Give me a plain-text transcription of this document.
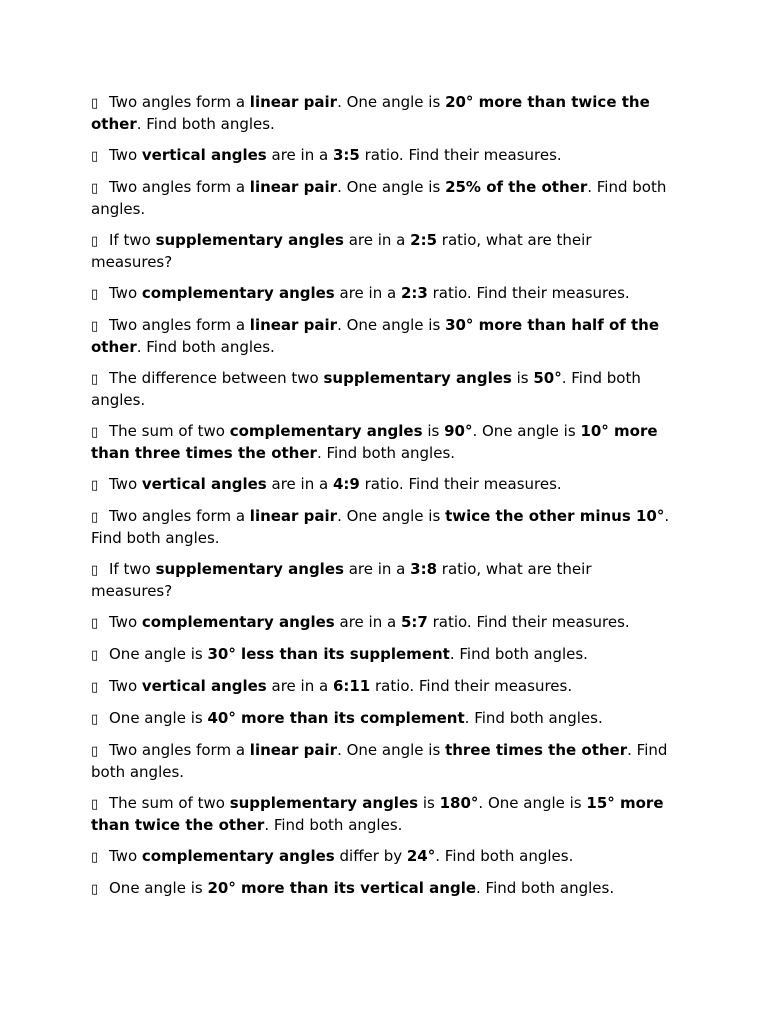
▯ Two angles form a linear pair. One angle is 20° more than twice the other. Find both angles.

▯ Two vertical angles are in a 3:5 ratio. Find their measures.

▯ Two angles form a linear pair. One angle is 25% of the other. Find both angles.

▯ If two supplementary angles are in a 2:5 ratio, what are their measures?

▯ Two complementary angles are in a 2:3 ratio. Find their measures.

▯ Two angles form a linear pair. One angle is 30° more than half of the other. Find both angles.

▯ The difference between two supplementary angles is 50°. Find both angles.

▯ The sum of two complementary angles is 90°. One angle is 10° more than three times the other. Find both angles.

▯ Two vertical angles are in a 4:9 ratio. Find their measures.

▯ Two angles form a linear pair. One angle is twice the other minus 10°. Find both angles.

▯ If two supplementary angles are in a 3:8 ratio, what are their measures?

▯ Two complementary angles are in a 5:7 ratio. Find their measures.

▯ One angle is 30° less than its supplement. Find both angles.

▯ Two vertical angles are in a 6:11 ratio. Find their measures.

▯ One angle is 40° more than its complement. Find both angles.

▯ Two angles form a linear pair. One angle is three times the other. Find both angles.

▯ The sum of two supplementary angles is 180°. One angle is 15° more than twice the other. Find both angles.

▯ Two complementary angles differ by 24°. Find both angles.

▯ One angle is 20° more than its vertical angle. Find both angles.
